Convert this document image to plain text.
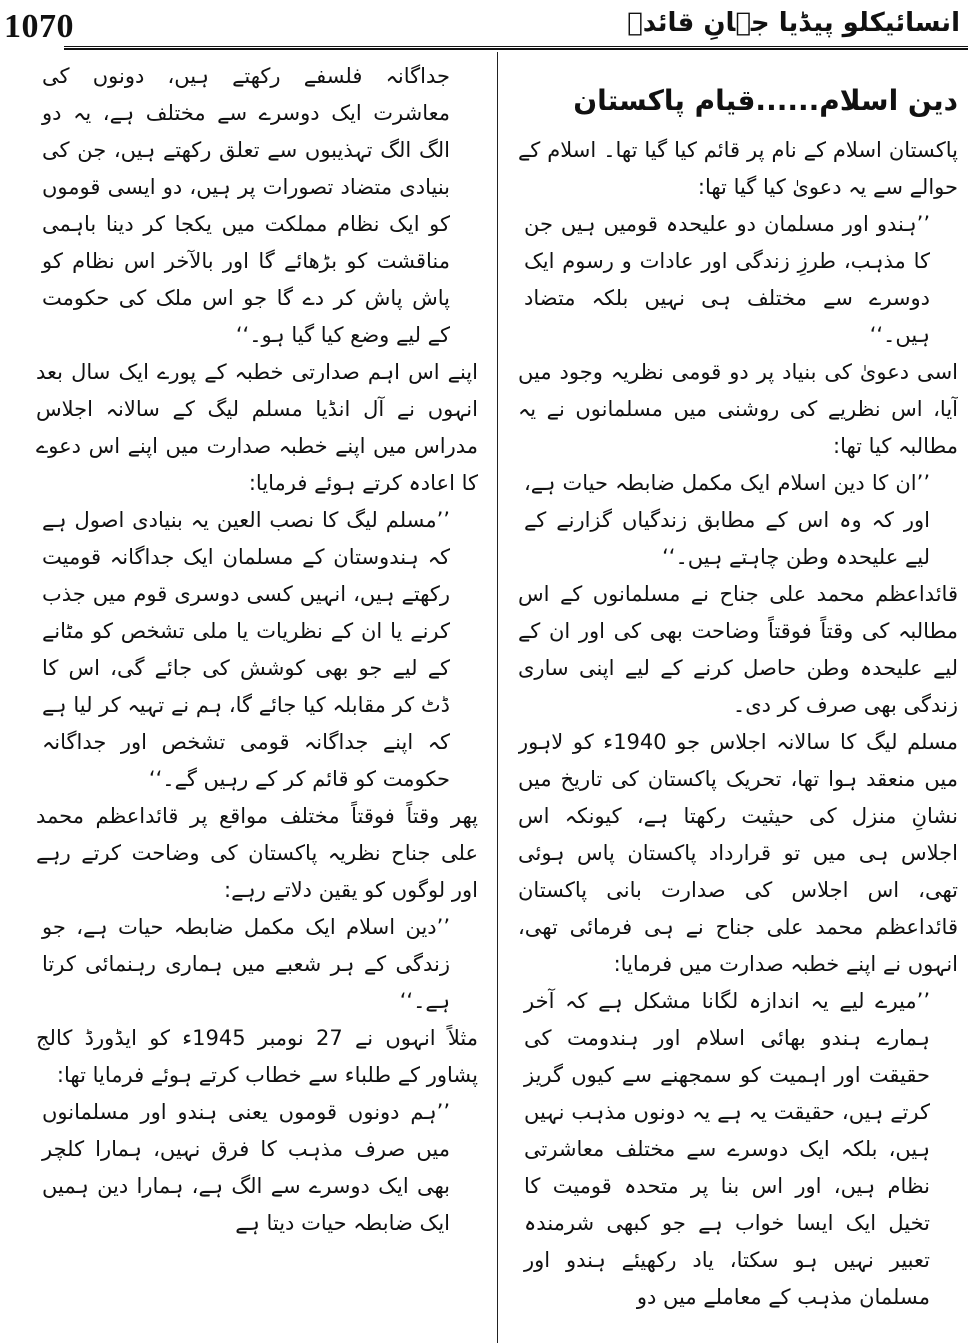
1070	انسائیکلو پیڈیا جہانِ قائدؒ
دین اسلام......قیام پاکستان

پاکستان اسلام کے نام پر قائم کیا گیا تھا۔ اسلام کے حوالے سے یہ دعویٰ کیا گیا تھا:

’’ہندو اور مسلمان دو علیحدہ قومیں ہیں جن کا مذہب، طرزِ زندگی اور عادات و رسوم ایک دوسرے سے مختلف ہی نہیں بلکہ متضاد ہیں۔‘‘

اسی دعویٰ کی بنیاد پر دو قومی نظریہ وجود میں آیا، اس نظریے کی روشنی میں مسلمانوں نے یہ مطالبہ کیا تھا:

’’ان کا دین اسلام ایک مکمل ضابطہ حیات ہے، اور کہ وہ اس کے مطابق زندگیاں گزارنے کے لیے علیحدہ وطن چاہتے ہیں۔‘‘

قائداعظم محمد علی جناح نے مسلمانوں کے اس مطالبہ کی وقتاً فوقتاً وضاحت بھی کی اور ان کے لیے علیحدہ وطن حاصل کرنے کے لیے اپنی ساری زندگی بھی صرف کر دی۔

مسلم لیگ کا سالانہ اجلاس جو 1940ء کو لاہور میں منعقد ہوا تھا، تحریک پاکستان کی تاریخ میں نشانِ منزل کی حیثیت رکھتا ہے، کیونکہ اس اجلاس ہی میں تو قرارداد پاکستان پاس ہوئی تھی، اس اجلاس کی صدارت بانی پاکستان قائداعظم محمد علی جناح نے ہی فرمائی تھی، انہوں نے اپنے خطبہ صدارت میں فرمایا:

’’میرے لیے یہ اندازہ لگانا مشکل ہے کہ آخر ہمارے ہندو بھائی اسلام اور ہندومت کی حقیقت اور اہمیت کو سمجھنے سے کیوں گریز کرتے ہیں، حقیقت یہ ہے یہ دونوں مذہب نہیں ہیں، بلکہ ایک دوسرے سے مختلف معاشرتی نظام ہیں، اور اس بنا پر متحدہ قومیت کا تخیل ایک ایسا خواب ہے جو کبھی شرمندہ تعبیر نہیں ہو سکتا، یاد رکھیئے ہندو اور مسلمان مذہب کے معاملے میں دو

جداگانہ فلسفے رکھتے ہیں، دونوں کی معاشرت ایک دوسرے سے مختلف ہے، یہ دو الگ الگ تہذیبوں سے تعلق رکھتے ہیں، جن کی بنیادی متضاد تصورات پر ہیں، دو ایسی قوموں کو ایک نظام مملکت میں یکجا کر دینا باہمی مناقشت کو بڑھائے گا اور بالآخر اس نظام کو پاش پاش کر دے گا جو اس ملک کی حکومت کے لیے وضع کیا گیا ہو۔‘‘

اپنے اس اہم صدارتی خطبہ کے پورے ایک سال بعد انہوں نے آل انڈیا مسلم لیگ کے سالانہ اجلاس مدراس میں اپنے خطبہ صدارت میں اپنے اس دعوے کا اعادہ کرتے ہوئے فرمایا:

’’مسلم لیگ کا نصب العین یہ بنیادی اصول ہے کہ ہندوستان کے مسلمان ایک جداگانہ قومیت رکھتے ہیں، انہیں کسی دوسری قوم میں جذب کرنے یا ان کے نظریات یا ملی تشخص کو مٹانے کے لیے جو بھی کوشش کی جائے گی، اس کا ڈٹ کر مقابلہ کیا جائے گا، ہم نے تہیہ کر لیا ہے کہ اپنے جداگانہ قومی تشخص اور جداگانہ حکومت کو قائم کر کے رہیں گے۔‘‘

پھر وقتاً فوقتاً مختلف مواقع پر قائداعظم محمد علی جناح نظریہ پاکستان کی وضاحت کرتے رہے اور لوگوں کو یقین دلاتے رہے:

’’دین اسلام ایک مکمل ضابطہ حیات ہے، جو زندگی کے ہر شعبے میں ہماری رہنمائی کرتا ہے۔‘‘

مثلاً انہوں نے 27 نومبر 1945ء کو ایڈورڈ کالج پشاور کے طلباء سے خطاب کرتے ہوئے فرمایا تھا:

’’ہم دونوں قوموں یعنی ہندو اور مسلمانوں میں صرف مذہب کا فرق نہیں، ہمارا کلچر بھی ایک دوسرے سے الگ ہے، ہمارا دین ہمیں ایک ضابطہ حیات دیتا ہے
